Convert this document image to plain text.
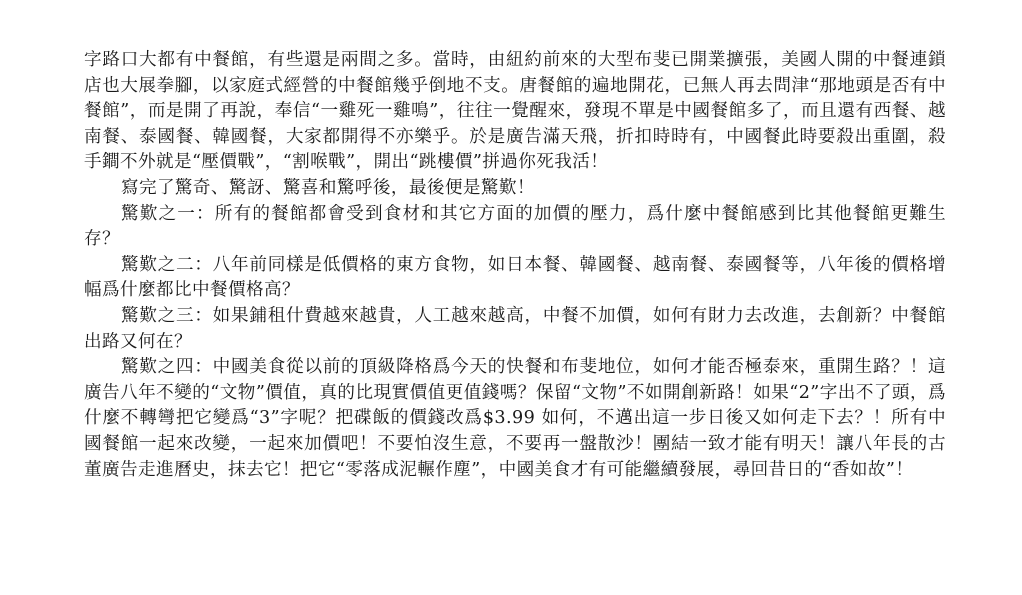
字路口大都有中餐館，有些還是兩間之多。當時，由紐約前來的大型布斐已開業擴張，美國人開的中餐連鎖店也大展拳腳，以家庭式經營的中餐館幾乎倒地不支。唐餐館的遍地開花，已無人再去問津“那地頭是否有中餐館”，而是開了再說，奉信“一雞死一雞鳴”，往往一覺醒來，發現不單是中國餐館多了，而且還有西餐、越南餐、泰國餐、韓國餐，大家都開得不亦樂乎。於是廣告滿天飛，折扣時時有，中國餐此時要殺出重圍，殺手鐧不外就是“壓價戰”，“割喉戰”，開出“跳樓價”拼過你死我活！

寫完了驚奇、驚訝、驚喜和驚呼後，最後便是驚歎！

驚歎之一：所有的餐館都會受到食材和其它方面的加價的壓力，爲什麼中餐館感到比其他餐館更難生存？

驚歎之二：八年前同樣是低價格的東方食物，如日本餐、韓國餐、越南餐、泰國餐等，八年後的價格增幅爲什麼都比中餐價格高？

驚歎之三：如果鋪租什費越來越貴，人工越來越高，中餐不加價，如何有財力去改進，去創新？中餐館出路又何在？

驚歎之四：中國美食從以前的頂級降格爲今天的快餐和布斐地位，如何才能否極泰來，重開生路？！這廣告八年不變的“文物”價值，真的比現實價值更值錢嗎？保留“文物”不如開創新路！如果“2”字出不了頭，爲什麼不轉彎把它變爲“3”字呢？把碟飯的價錢改爲$3.99 如何，不邁出這一步日後又如何走下去？！所有中國餐館一起來改變，一起來加價吧！不要怕沒生意，不要再一盤散沙！團結一致才能有明天！讓八年長的古董廣告走進曆史，抹去它！把它“零落成泥輾作塵”，中國美食才有可能繼續發展，尋回昔日的“香如故”！
